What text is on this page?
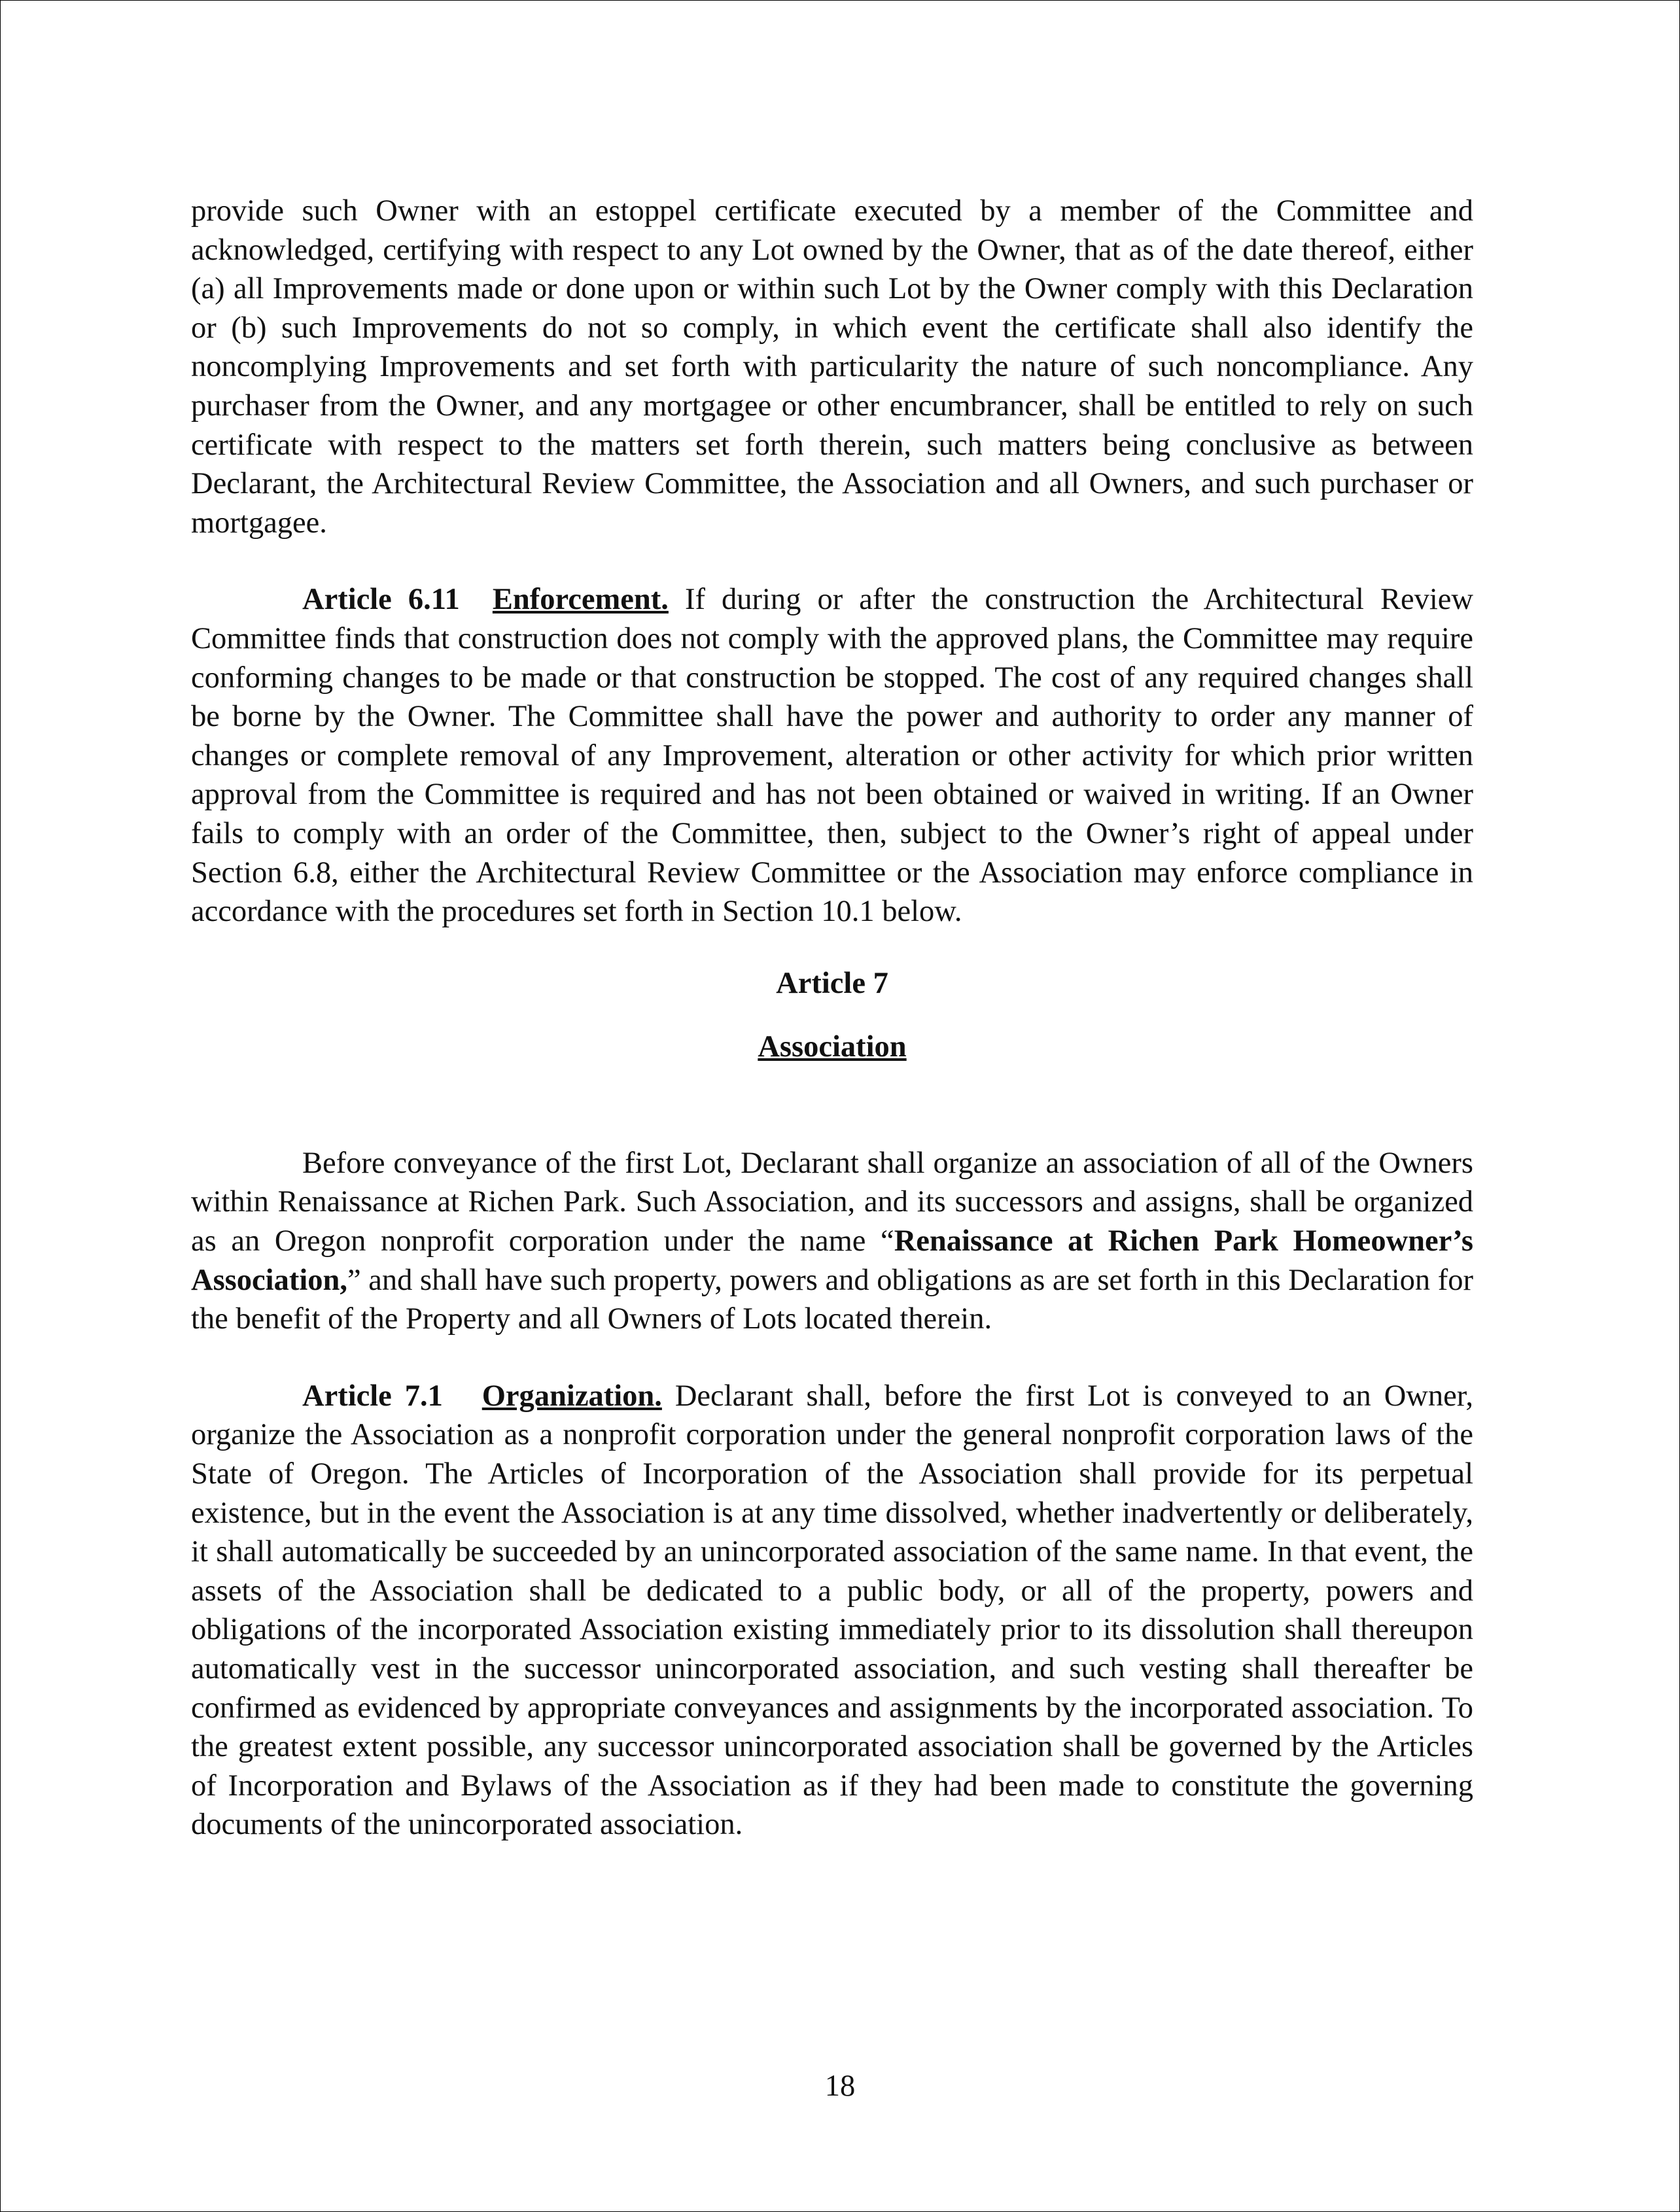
provide such Owner with an estoppel certificate executed by a member of the Committee and acknowledged, certifying with respect to any Lot owned by the Owner, that as of the date thereof, either (a) all Improvements made or done upon or within such Lot by the Owner comply with this Declaration or (b) such Improvements do not so comply, in which event the certificate shall also identify the noncomplying Improvements and set forth with particularity the nature of such noncompliance. Any purchaser from the Owner, and any mortgagee or other encumbrancer, shall be entitled to rely on such certificate with respect to the matters set forth therein, such matters being conclusive as between Declarant, the Architectural Review Committee, the Association and all Owners, and such purchaser or mortgagee.

Article 6.11 Enforcement. If during or after the construction the Architectural Review Committee finds that construction does not comply with the approved plans, the Committee may require conforming changes to be made or that construction be stopped. The cost of any required changes shall be borne by the Owner. The Committee shall have the power and authority to order any manner of changes or complete removal of any Improvement, alteration or other activity for which prior written approval from the Committee is required and has not been obtained or waived in writing. If an Owner fails to comply with an order of the Committee, then, subject to the Owner’s right of appeal under Section 6.8, either the Architectural Review Committee or the Association may enforce compliance in accordance with the procedures set forth in Section 10.1 below.

Article 7

Association

Before conveyance of the first Lot, Declarant shall organize an association of all of the Owners within Renaissance at Richen Park. Such Association, and its successors and assigns, shall be organized as an Oregon nonprofit corporation under the name “Renaissance at Richen Park Homeowner’s Association,” and shall have such property, powers and obligations as are set forth in this Declaration for the benefit of the Property and all Owners of Lots located therein.

Article 7.1 Organization. Declarant shall, before the first Lot is conveyed to an Owner, organize the Association as a nonprofit corporation under the general nonprofit corporation laws of the State of Oregon. The Articles of Incorporation of the Association shall provide for its perpetual existence, but in the event the Association is at any time dissolved, whether inadvertently or deliberately, it shall automatically be succeeded by an unincorporated association of the same name. In that event, the assets of the Association shall be dedicated to a public body, or all of the property, powers and obligations of the incorporated Association existing immediately prior to its dissolution shall thereupon automatically vest in the successor unincorporated association, and such vesting shall thereafter be confirmed as evidenced by appropriate conveyances and assignments by the incorporated association. To the greatest extent possible, any successor unincorporated association shall be governed by the Articles of Incorporation and Bylaws of the Association as if they had been made to constitute the governing documents of the unincorporated association.

18
